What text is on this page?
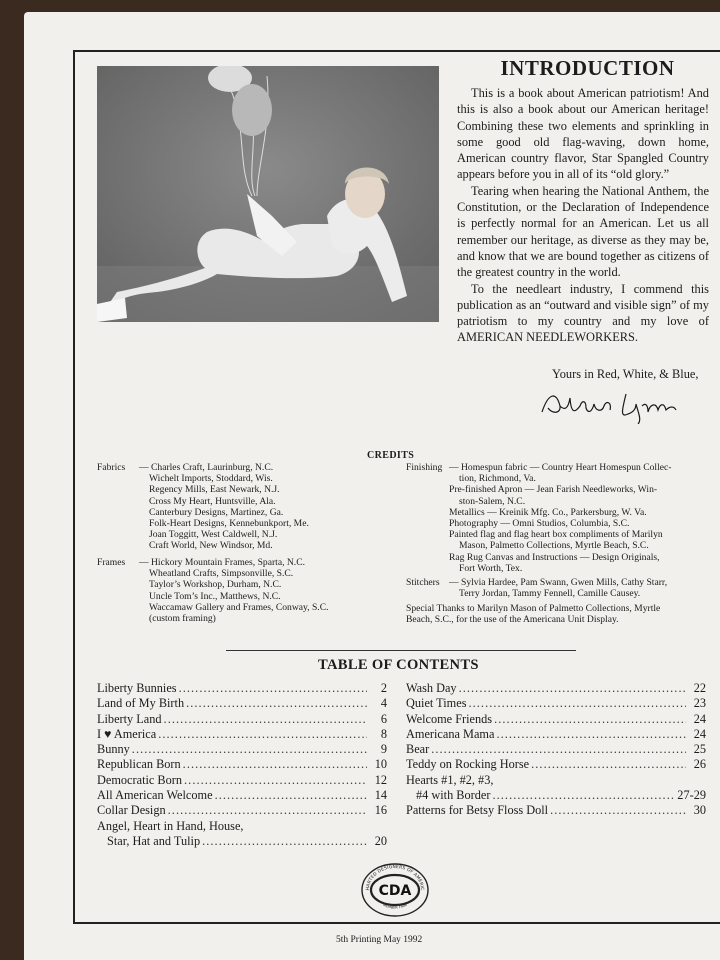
INTRODUCTION

This is a book about American patriotism! And this is also a book about our American heritage! Combining these two elements and sprinkling in some good old flag-waving, down home, American country flavor, Star Spangled Country appears before you in all of its “old glory.”

Tearing when hearing the National Anthem, the Constitution, or the Declaration of Independence is perfectly normal for an American. Let us all remember our heritage, as diverse as they may be, and know that we are bound together as citizens of the greatest country in the world.

To the needleart industry, I commend this publication as an “outward and visible sign” of my patriotism to my country and my love of AMERICAN NEEDLEWORKERS.

Yours in Red, White, & Blue,
CREDITS
Fabrics — Charles Craft, Laurinburg, N.C.
Wichelt Imports, Stoddard, Wis.
Regency Mills, East Newark, N.J.
Cross My Heart, Huntsville, Ala.
Canterbury Designs, Martinez, Ga.
Folk-Heart Designs, Kennebunkport, Me.
Joan Toggitt, West Caldwell, N.J.
Craft World, New Windsor, Md.
Frames — Hickory Mountain Frames, Sparta, N.C.
Wheatland Crafts, Simpsonville, S.C.
Taylor’s Workshop, Durham, N.C.
Uncle Tom’s Inc., Matthews, N.C.
Waccamaw Gallery and Frames, Conway, S.C.
(custom framing)
Finishing — Homespun fabric — Country Heart Homespun Collec-
tion, Richmond, Va.
Pre-finished Apron — Jean Farish Needleworks, Win-
ston-Salem, N.C.
Metallics — Kreinik Mfg. Co., Parkersburg, W. Va.
Photography — Omni Studios, Columbia, S.C.
Painted flag and flag heart box compliments of Marilyn
Mason, Palmetto Collections, Myrtle Beach, S.C.
Rag Rug Canvas and Instructions — Design Originals,
Fort Worth, Tex.
Stitchers — Sylvia Hardee, Pam Swann, Gwen Mills, Cathy Starr,
Terry Jordan, Tammy Fennell, Camille Causey.
Special Thanks to Marilyn Mason of Palmetto Collections, Myrtle
Beach, S.C., for the use of the Americana Unit Display.
TABLE OF CONTENTS
Liberty Bunnies . . .	2
Land of My Birth . . .	4
Liberty Land . . .	6
I ♥ America . . .	8
Bunny . . .	9
Republican Born . . .	10
Democratic Born . . .	12
All American Welcome . . .	14
Collar Design . . .	16
Angel, Heart in Hand, House,
Star, Hat and Tulip . . .	20
Wash Day . . .	22
Quiet Times . . .	23
Welcome Friends . . .	24
Americana Mama . . .	24
Bear . . .	25
Teddy on Rocking Horse . . .	26
Hearts #1, #2, #3,
#4 with Border . . .	27-29
Patterns for Betsy Floss Doll . . .	30
HARTED DESIGNERS OF AMERIC
CDA
MEMBER FIRM
5th Printing May 1992
